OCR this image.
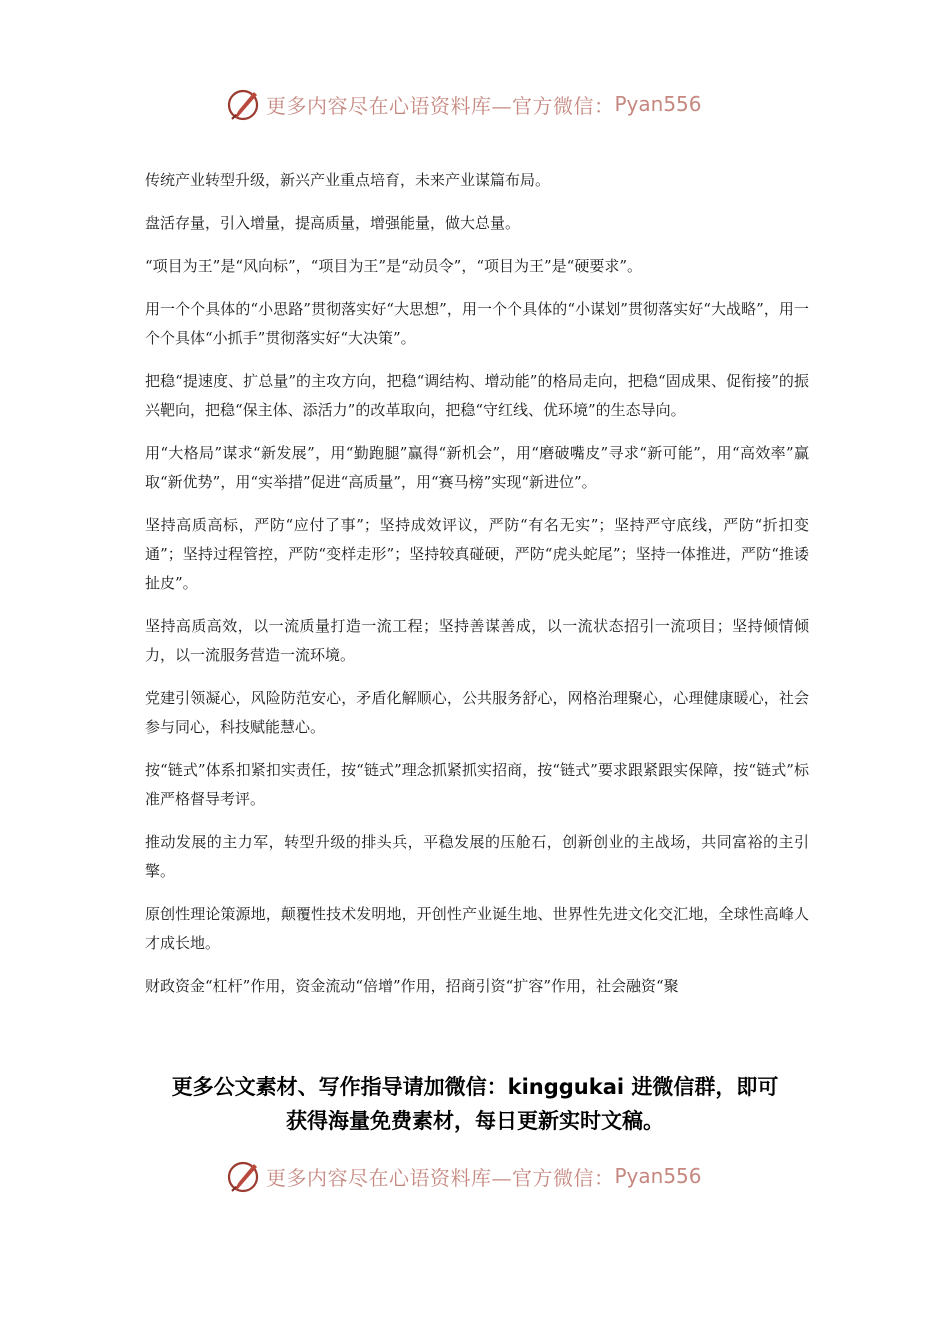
更多内容尽在心语资料库—官方微信： Pyan556

传统产业转型升级，新兴产业重点培育，未来产业谋篇布局。

盘活存量，引入增量，提高质量，增强能量，做大总量。

“项目为王”是“风向标”，“项目为王”是“动员令”，“项目为王”是“硬要求”。

用一个个具体的“小思路”贯彻落实好“大思想”，用一个个具体的“小谋划”贯彻落实好“大战略”，用一个个具体“小抓手”贯彻落实好“大决策”。

把稳“提速度、扩总量”的主攻方向，把稳“调结构、增动能”的格局走向，把稳“固成果、促衔接”的振兴靶向，把稳“保主体、添活力”的改革取向，把稳“守红线、优环境”的生态导向。

用“大格局”谋求“新发展”，用“勤跑腿”赢得“新机会”，用“磨破嘴皮”寻求“新可能”，用“高效率”赢取“新优势”，用“实举措”促进“高质量”，用“赛马榜”实现“新进位”。

坚持高质高标，严防“应付了事”；坚持成效评议，严防“有名无实”；坚持严守底线，严防“折扣变通”；坚持过程管控，严防“变样走形”；坚持较真碰硬，严防“虎头蛇尾”；坚持一体推进，严防“推诿扯皮”。

坚持高质高效，以一流质量打造一流工程；坚持善谋善成，以一流状态招引一流项目；坚持倾情倾力，以一流服务营造一流环境。

党建引领凝心，风险防范安心，矛盾化解顺心，公共服务舒心，网格治理聚心，心理健康暖心，社会参与同心，科技赋能慧心。

按“链式”体系扣紧扣实责任，按“链式”理念抓紧抓实招商，按“链式”要求跟紧跟实保障，按“链式”标准严格督导考评。

推动发展的主力军，转型升级的排头兵，平稳发展的压舱石，创新创业的主战场，共同富裕的主引擎。

原创性理论策源地，颠覆性技术发明地，开创性产业诞生地、世界性先进文化交汇地，全球性高峰人才成长地。

财政资金“杠杆”作用，资金流动“倍增”作用，招商引资“扩容”作用，社会融资“聚

更多公文素材、写作指导请加微信：kinggukai 进微信群，即可
获得海量免费素材，每日更新实时文稿。
更多内容尽在心语资料库—官方微信： Pyan556
